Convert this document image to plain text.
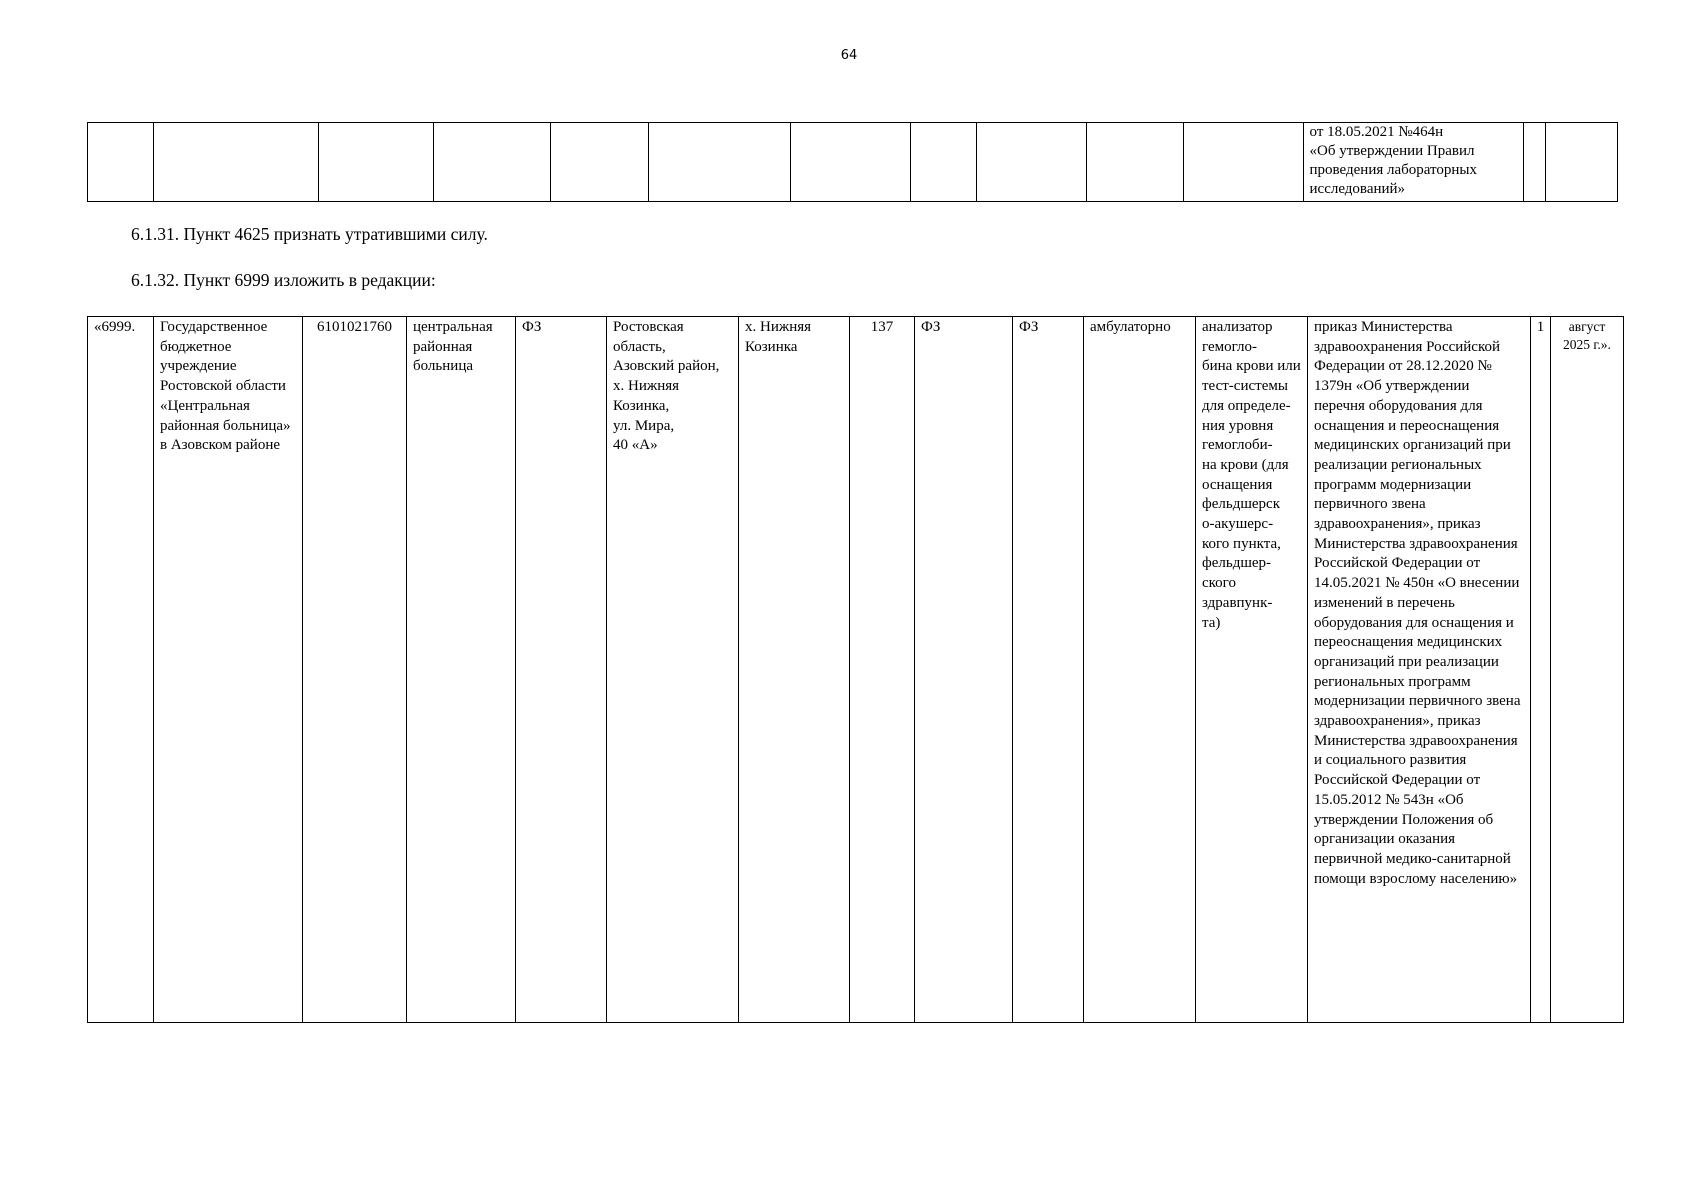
64
											от 18.05.2021 №464н
«Об утверждении Правил проведения лабораторных исследований»		
6.1.31. Пункт 4625 признать утратившими силу.
6.1.32. Пункт 6999 изложить в редакции:
«6999.	Государственное бюджетное учреждение Ростовской области «Центральная районная больница» в Азовском районе	6101021760	центральная районная больница	ФЗ	Ростовская область,
Азовский район,
х. Нижняя Козинка,
ул. Мира,
40 «А»	х. Нижняя Козинка	137	ФЗ	ФЗ	амбулаторно	анализатор гемогло-
бина крови или тест-системы для определе-
ния уровня гемоглоби-
на крови (для оснащения фельдшерск
о-акушерс-
кого пункта, фельдшер-
ского здравпунк-
та)	приказ Министерства здравоохранения Российской Федерации от 28.12.2020 № 1379н «Об утверждении перечня оборудования для оснащения и переоснащения медицинских организаций при реализации региональных программ модернизации первичного звена здравоохранения», приказ Министерства здравоохранения Российской Федерации от 14.05.2021 № 450н «О внесении изменений в перечень оборудования для оснащения и переоснащения медицинских организаций при реализации региональных программ модернизации первичного звена здравоохранения», приказ Министерства здравоохранения и социального развития Российской Федерации от 15.05.2012 № 543н «Об утверждении Положения об организации оказания первичной медико-санитарной помощи взрослому населению»	1	август 2025 г.».
